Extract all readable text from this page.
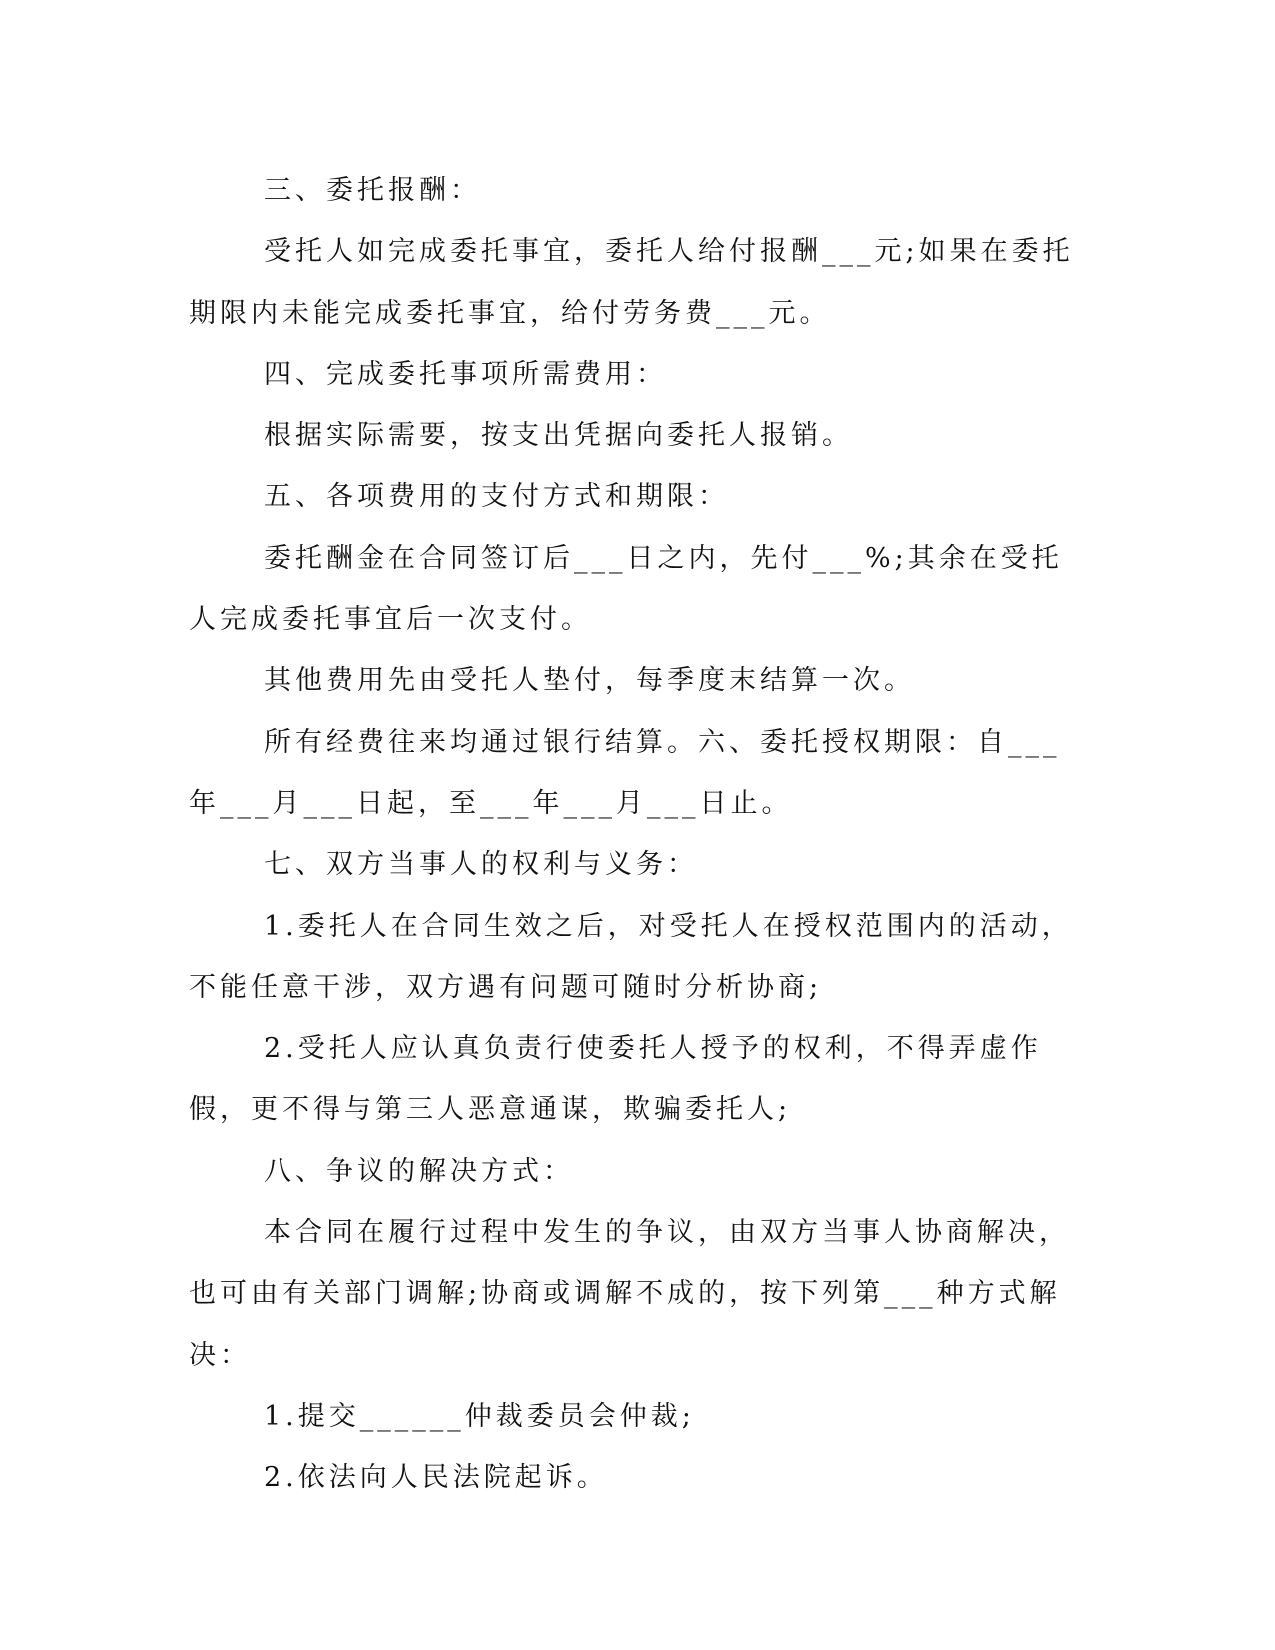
三、委托报酬：

受托人如完成委托事宜，委托人给付报酬___元;如果在委托期限内未能完成委托事宜，给付劳务费___元。

四、完成委托事项所需费用：

根据实际需要，按支出凭据向委托人报销。

五、各项费用的支付方式和期限：

委托酬金在合同签订后___日之内，先付___%;其余在受托人完成委托事宜后一次支付。

其他费用先由受托人垫付，每季度末结算一次。

所有经费往来均通过银行结算。六、委托授权期限：自___年___月___日起，至___年___月___日止。

七、双方当事人的权利与义务：

1.委托人在合同生效之后，对受托人在授权范围内的活动，不能任意干涉，双方遇有问题可随时分析协商;

2.受托人应认真负责行使委托人授予的权利，不得弄虚作假，更不得与第三人恶意通谋，欺骗委托人;

八、争议的解决方式：

本合同在履行过程中发生的争议，由双方当事人协商解决，也可由有关部门调解;协商或调解不成的，按下列第___种方式解决：

1.提交______仲裁委员会仲裁;

2.依法向人民法院起诉。
